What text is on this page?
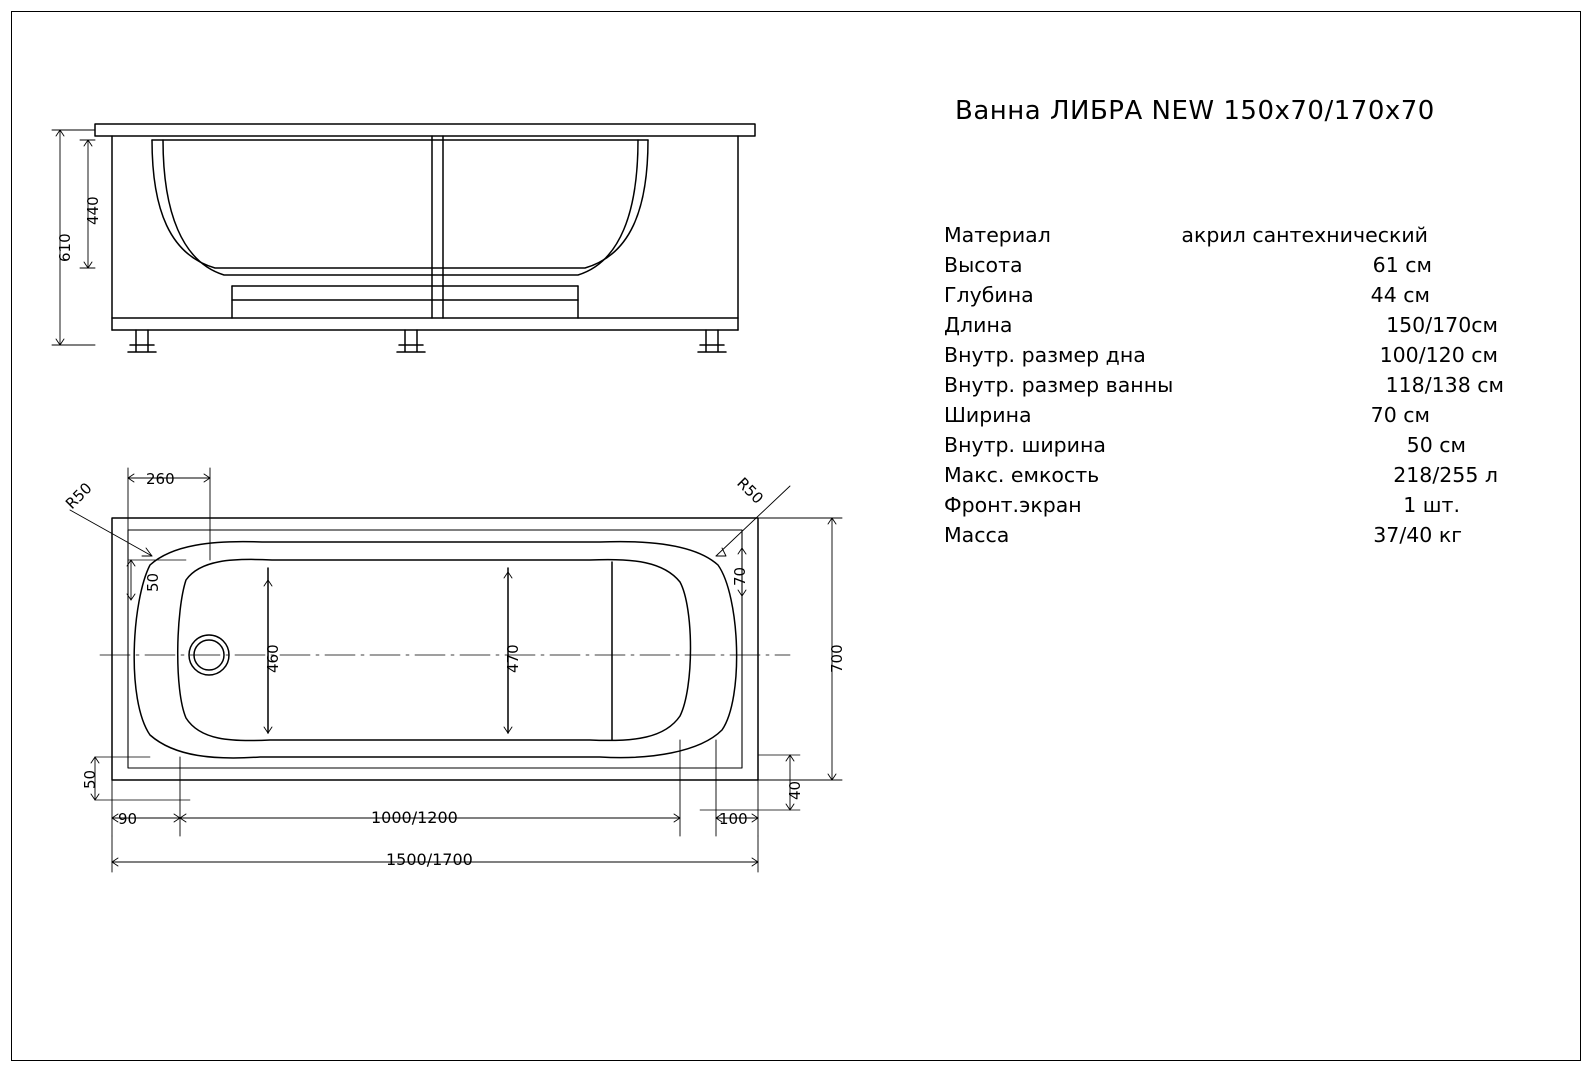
Ванна ЛИБРА NEW 150x70/170x70
Материал	акрил сантехнический
Высота	61 см
Глубина	44 см
Длина	150/170см
Внутр. размер дна	100/120 см
Внутр. размер ванны	118/138 см
Ширина	70 см
Внутр. ширина	50 см
Макс. емкость	218/255 л
Фронт.экран	1 шт.
Масса	37/40 кг
440
610
260
R50	R50
50	70
460	470	700
50
90	100
40
1000/1200
1500/1700
